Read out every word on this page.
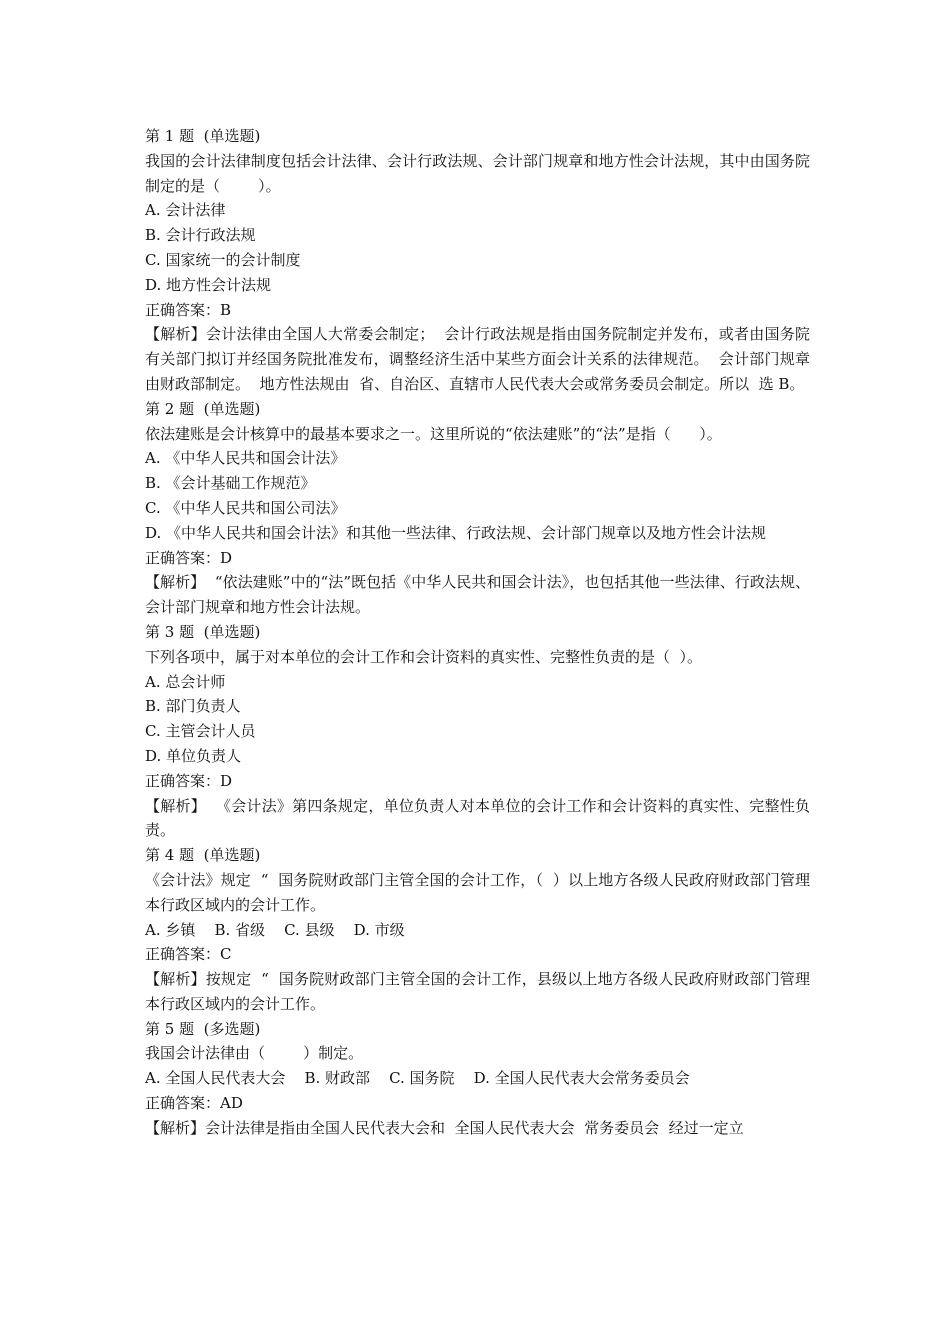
第 1 题  (单选题)

我国的会计法律制度包括会计法律、会计行政法规、会计部门规章和地方性会计法规，其中由国务院制定的是（        ）。

A. 会计法律

B. 会计行政法规

C. 国家统一的会计制度

D. 地方性会计法规

正确答案：B

【解析】会计法律由全国人大常委会制定；  会计行政法规是指由国务院制定并发布，或者由国务院有关部门拟订并经国务院批准发布，调整经济生活中某些方面会计关系的法律规范。  会计部门规章由财政部制定。  地方性法规由  省、自治区、直辖市人民代表大会或常务委员会制定。所以  选 B。

第 2 题  (单选题)

依法建账是会计核算中的最基本要求之一。这里所说的“依法建账”的“法”是指（      ）。

A. 《中华人民共和国会计法》

B. 《会计基础工作规范》

C. 《中华人民共和国公司法》

D. 《中华人民共和国会计法》和其他一些法律、行政法规、会计部门规章以及地方性会计法规

正确答案：D

【解析】  “依法建账”中的“法”既包括《中华人民共和国会计法》，也包括其他一些法律、行政法规、会计部门规章和地方性会计法规。

第 3 题  (单选题)

下列各项中，属于对本单位的会计工作和会计资料的真实性、完整性负责的是（  ）。

A. 总会计师

B. 部门负责人

C. 主管会计人员

D. 单位负责人

正确答案：D

【解析】  《会计法》第四条规定，单位负责人对本单位的会计工作和会计资料的真实性、完整性负责。

第 4 题  (单选题)

《会计法》规定  “  国务院财政部门主管全国的会计工作，（  ）以上地方各级人民政府财政部门管理本行政区域内的会计工作。

A. 乡镇    B. 省级    C. 县级    D. 市级

正确答案：C

【解析】按规定  “  国务院财政部门主管全国的会计工作，县级以上地方各级人民政府财政部门管理本行政区域内的会计工作。

第 5 题  (多选题)

我国会计法律由（        ）制定。

A. 全国人民代表大会    B. 财政部    C. 国务院    D. 全国人民代表大会常务委员会

正确答案：AD

【解析】会计法律是指由全国人民代表大会和  全国人民代表大会  常务委员会  经过一定立
